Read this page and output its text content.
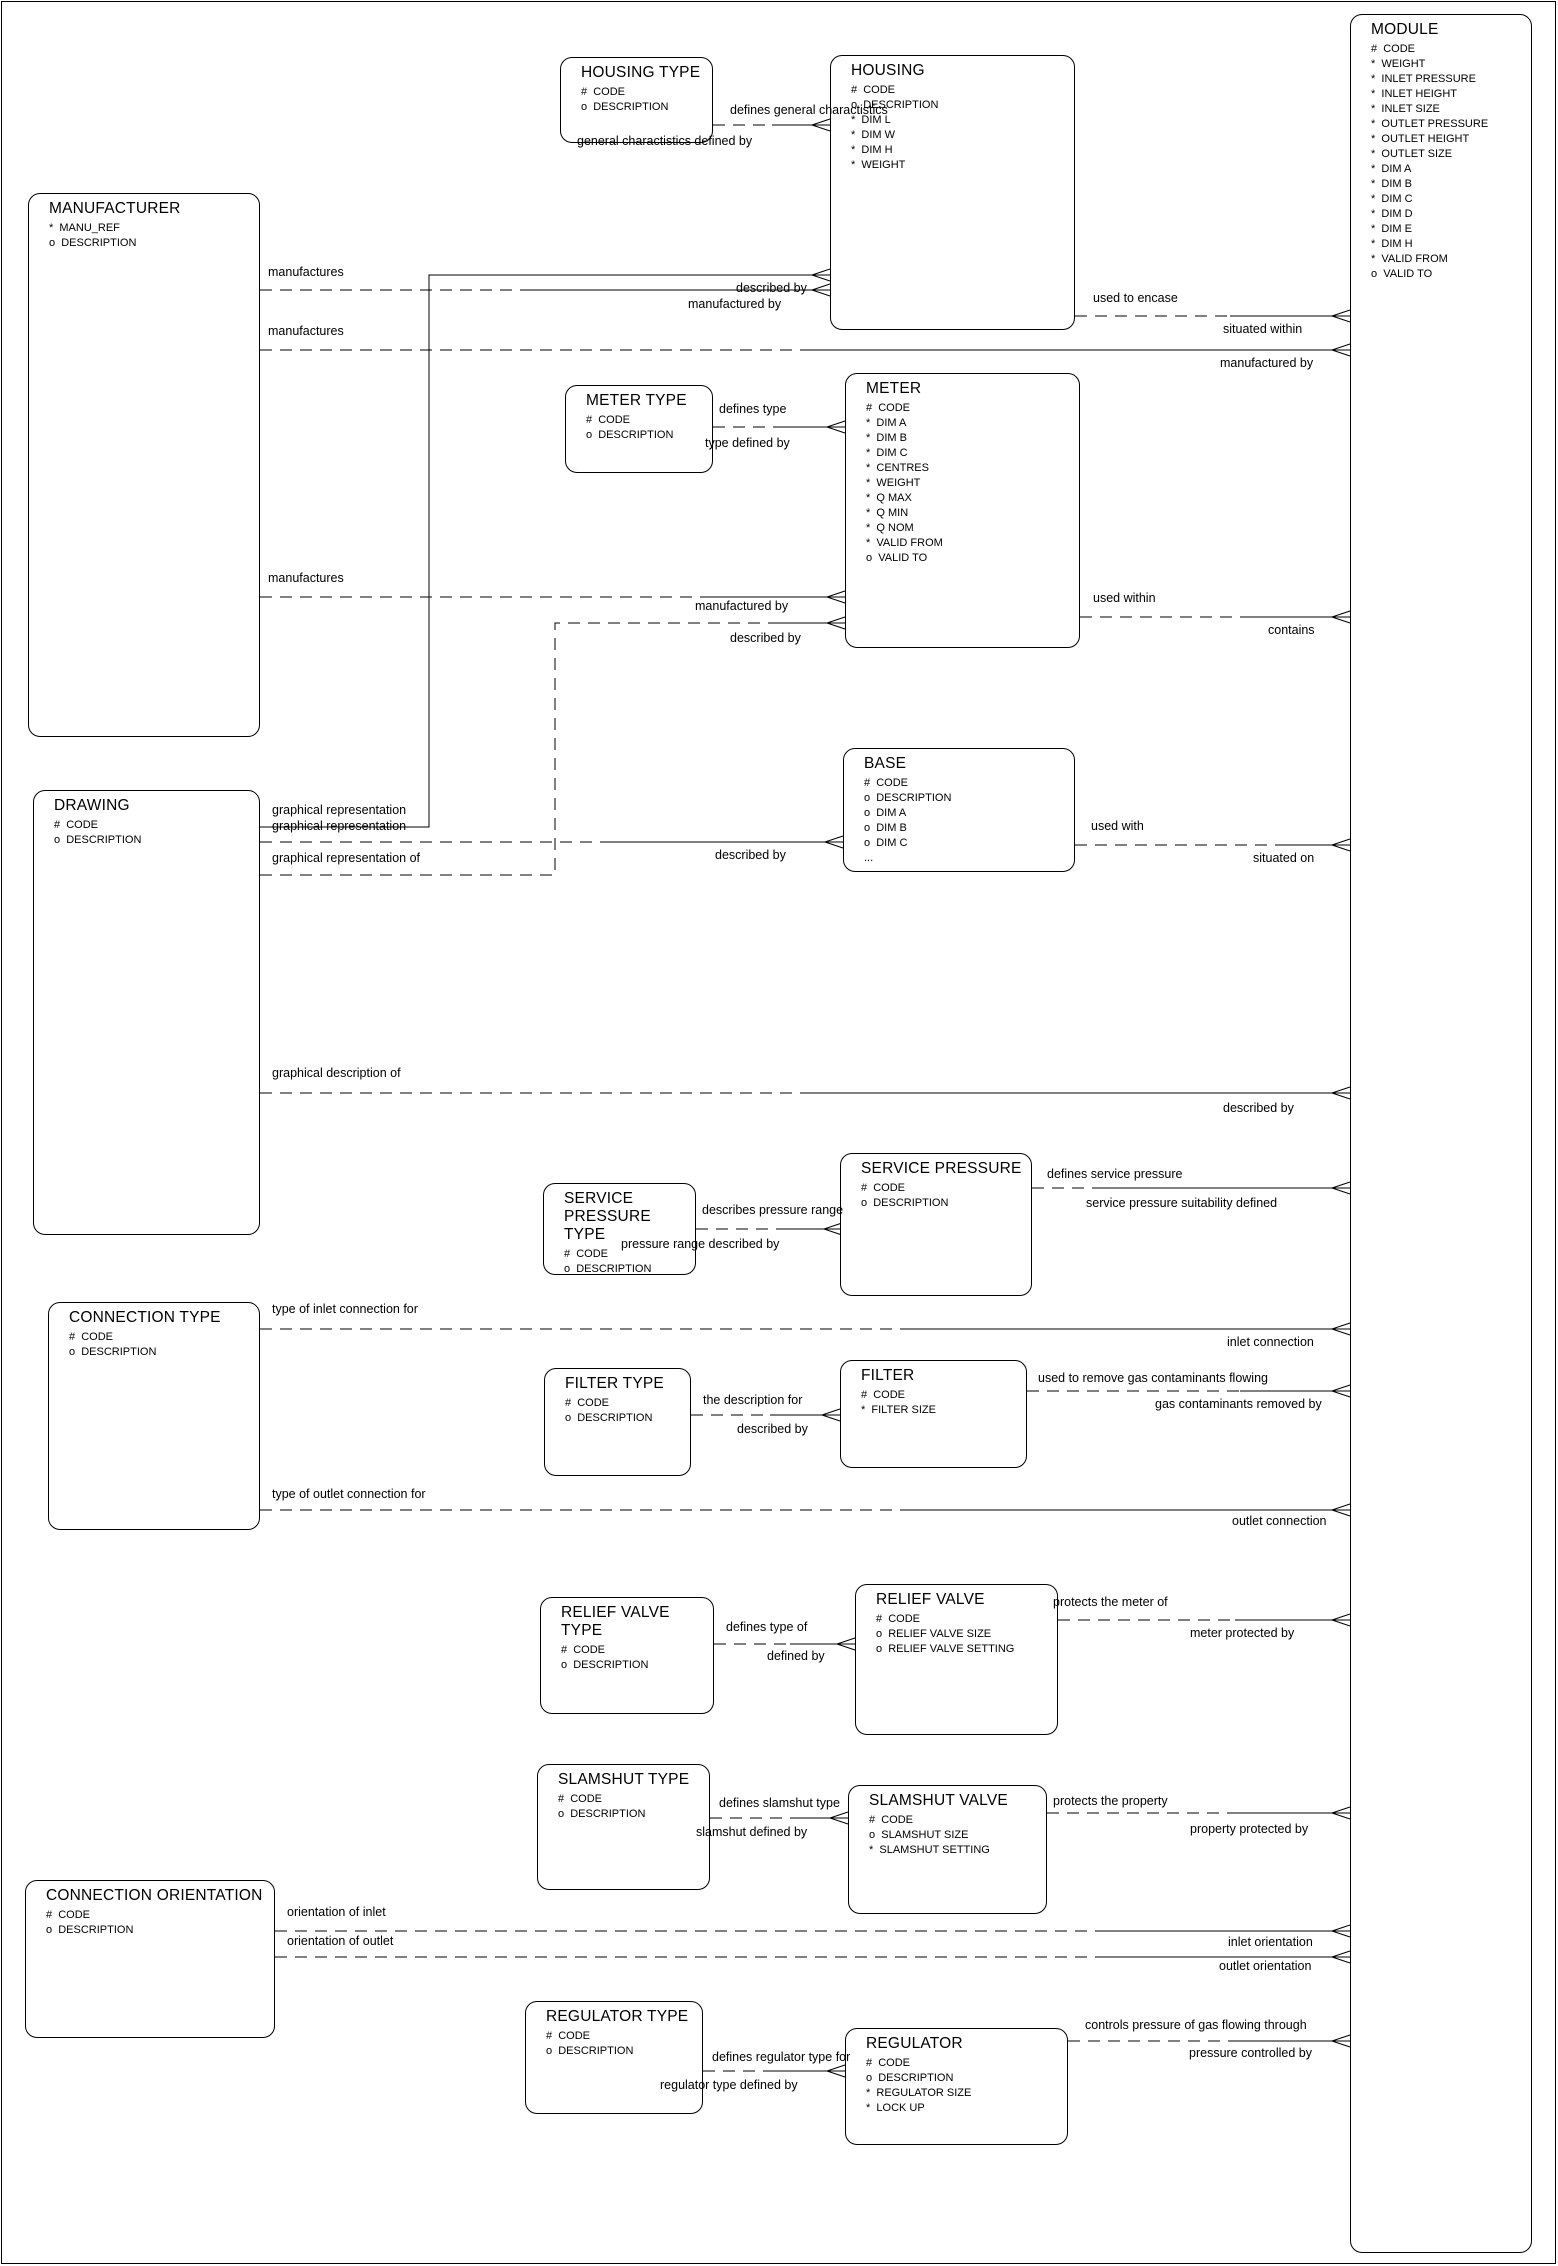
MODULE
#  CODE
*  WEIGHT
*  INLET PRESSURE
*  INLET HEIGHT
*  INLET SIZE
*  OUTLET PRESSURE
*  OUTLET HEIGHT
*  OUTLET SIZE
*  DIM A
*  DIM B
*  DIM C
*  DIM D
*  DIM E
*  DIM H
*  VALID FROM
o  VALID TO
MANUFACTURER
*  MANU_REF
o  DESCRIPTION
HOUSING TYPE
#  CODE
o  DESCRIPTION
HOUSING
#  CODE
o  DESCRIPTION
*  DIM L
*  DIM W
*  DIM H
*  WEIGHT
METER TYPE
#  CODE
o  DESCRIPTION
METER
#  CODE
*  DIM A
*  DIM B
*  DIM C
*  CENTRES
*  WEIGHT
*  Q MAX
*  Q MIN
*  Q NOM
*  VALID FROM
o  VALID TO
DRAWING
#  CODE
o  DESCRIPTION
BASE
#  CODE
o  DESCRIPTION
o  DIM A
o  DIM B
o  DIM C
...
SERVICE PRESSURE TYPE
#  CODE
o  DESCRIPTION
SERVICE PRESSURE
#  CODE
o  DESCRIPTION
CONNECTION TYPE
#  CODE
o  DESCRIPTION
FILTER TYPE
#  CODE
o  DESCRIPTION
FILTER
#  CODE
*  FILTER SIZE
RELIEF VALVE TYPE
#  CODE
o  DESCRIPTION
RELIEF VALVE
#  CODE
o  RELIEF VALVE SIZE
o  RELIEF VALVE SETTING
SLAMSHUT TYPE
#  CODE
o  DESCRIPTION
SLAMSHUT VALVE
#  CODE
o  SLAMSHUT SIZE
*  SLAMSHUT SETTING
CONNECTION ORIENTATION
#  CODE
o  DESCRIPTION
REGULATOR TYPE
#  CODE
o  DESCRIPTION	REGULATOR
#  CODE
o  DESCRIPTION
*  REGULATOR SIZE
*  LOCK UP
defines general charactistics
general charactistics defined by
manufactures
described by
manufactured by	used to encase
situated within
manufactures
manufactured by
defines type
type defined by
manufactures
manufactured by
used within
described by
contains
graphical representation
graphical representation
graphical representation of	described by
used with
situated on
graphical description of
described by
describes pressure range
pressure range described by
defines service pressure
service pressure suitability defined
type of inlet connection for
inlet connection
the description for
described by
used to remove gas contaminants flowing
gas contaminants removed by
type of outlet connection for
outlet connection
defines type of
defined by
protects the meter of
meter protected by
defines slamshut type
slamshut defined by
protects the property
property protected by
orientation of inlet
orientation of outlet	inlet orientation
outlet orientation
controls pressure of gas flowing through
pressure controlled by
defines regulator type for
regulator type defined by
